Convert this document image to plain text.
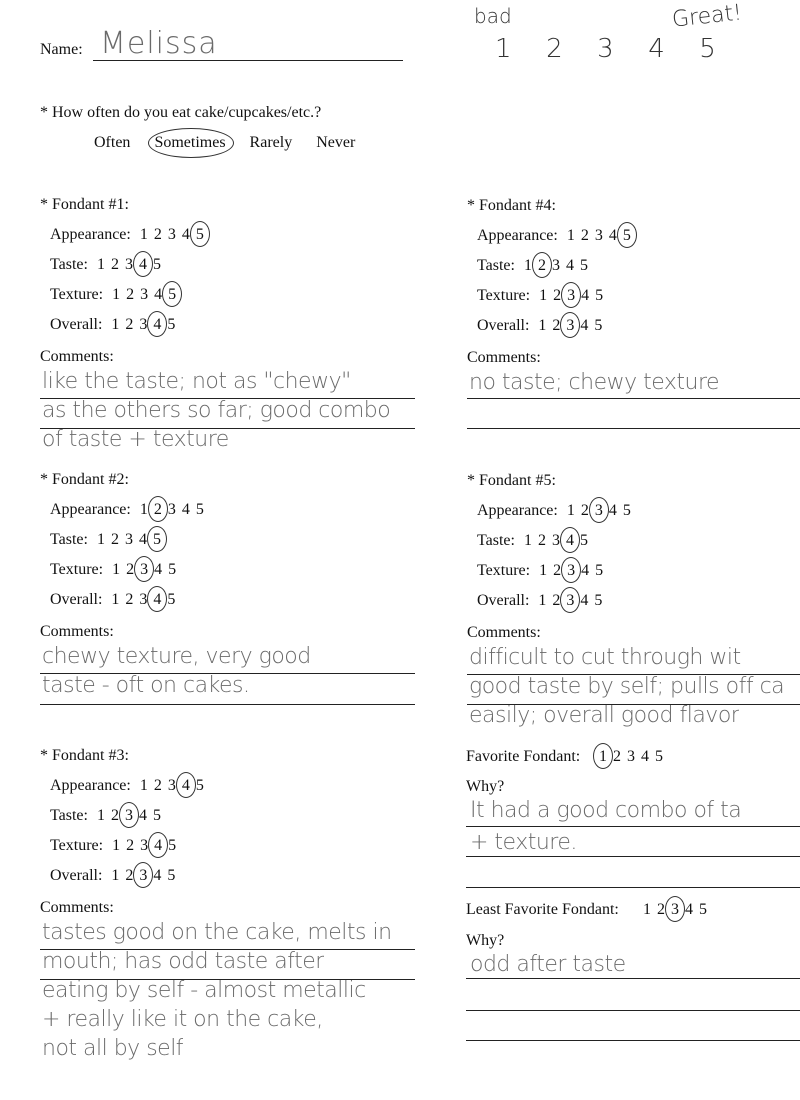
Name: Melissa
bad	Great!
1  2  3  4  5
* How often do you eat cake/cupcakes/etc.?
Often Sometimes Rarely Never
* Fondant #1:
Appearance: 1 2 3 4 5
Taste: 1 2 3 4 5
Texture: 1 2 3 4 5
Overall: 1 2 3 4 5
Comments:
like the taste; not as "chewy"
as the others so far; good combo
of taste + texture
* Fondant #2:
Appearance: 1 2 3 4 5
Taste: 1 2 3 4 5
Texture: 1 2 3 4 5
Overall: 1 2 3 4 5
Comments:
chewy texture, very good
taste - oft on cakes.
* Fondant #3:
Appearance: 1 2 3 4 5
Taste: 1 2 3 4 5
Texture: 1 2 3 4 5
Overall: 1 2 3 4 5
Comments:
tastes good on the cake, melts in
mouth; has odd taste after
eating by self - almost metallic
+ really like it on the cake,
not all by self
* Fondant #4:
Appearance: 1 2 3 4 5
Taste: 1 2 3 4 5
Texture: 1 2 3 4 5
Overall: 1 2 3 4 5
Comments:
no taste; chewy texture
* Fondant #5:
Appearance: 1 2 3 4 5
Taste: 1 2 3 4 5
Texture: 1 2 3 4 5
Overall: 1 2 3 4 5
Comments:
difficult to cut through wit
good taste by self; pulls off ca
easily; overall good flavor
Favorite Fondant: 1 2 3 4 5
Why?
It had a good combo of ta
+ texture.
Least Favorite Fondant: 1 2 3 4 5
Why?
odd after taste
